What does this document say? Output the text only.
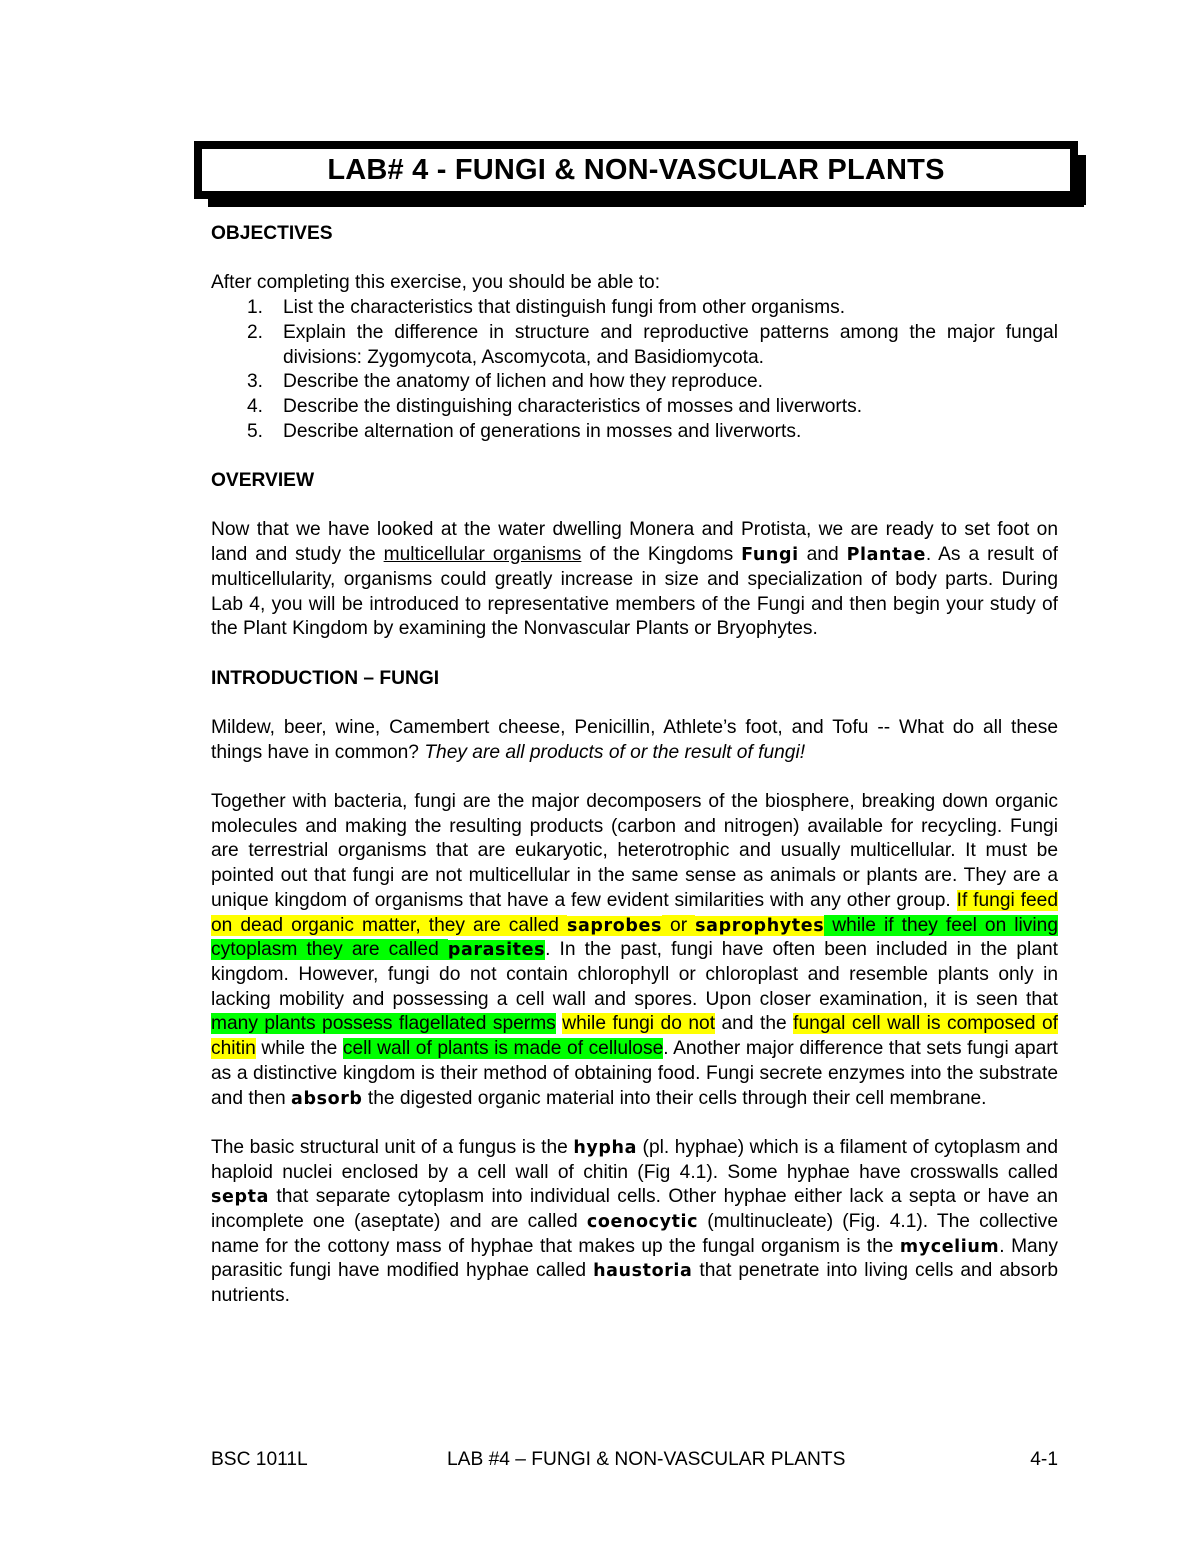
LAB# 4 - FUNGI & NON-VASCULAR PLANTS

OBJECTIVES

After completing this exercise, you should be able to:

1. List the characteristics that distinguish fungi from other organisms.
2. Explain the difference in structure and reproductive patterns among the major fungal divisions: Zygomycota, Ascomycota, and Basidiomycota.
3. Describe the anatomy of lichen and how they reproduce.
4. Describe the distinguishing characteristics of mosses and liverworts.
5. Describe alternation of generations in mosses and liverworts.

OVERVIEW

Now that we have looked at the water dwelling Monera and Protista, we are ready to set foot on land and study the multicellular organisms of the Kingdoms Fungi and Plantae. As a result of multicellularity, organisms could greatly increase in size and specialization of body parts. During Lab 4, you will be introduced to representative members of the Fungi and then begin your study of the Plant Kingdom by examining the Nonvascular Plants or Bryophytes.

INTRODUCTION – FUNGI

Mildew, beer, wine, Camembert cheese, Penicillin, Athlete’s foot, and Tofu -- What do all these things have in common? They are all products of or the result of fungi!

Together with bacteria, fungi are the major decomposers of the biosphere, breaking down organic molecules and making the resulting products (carbon and nitrogen) available for recycling. Fungi are terrestrial organisms that are eukaryotic, heterotrophic and usually multicellular. It must be pointed out that fungi are not multicellular in the same sense as animals or plants are. They are a unique kingdom of organisms that have a few evident similarities with any other group. If fungi feed on dead organic matter, they are called saprobes or saprophytes while if they feel on living cytoplasm they are called parasites. In the past, fungi have often been included in the plant kingdom. However, fungi do not contain chlorophyll or chloroplast and resemble plants only in lacking mobility and possessing a cell wall and spores. Upon closer examination, it is seen that many plants possess flagellated sperms while fungi do not and the fungal cell wall is composed of chitin while the cell wall of plants is made of cellulose. Another major difference that sets fungi apart as a distinctive kingdom is their method of obtaining food. Fungi secrete enzymes into the substrate and then absorb the digested organic material into their cells through their cell membrane.

The basic structural unit of a fungus is the hypha (pl. hyphae) which is a filament of cytoplasm and haploid nuclei enclosed by a cell wall of chitin (Fig 4.1). Some hyphae have crosswalls called septa that separate cytoplasm into individual cells. Other hyphae either lack a septa or have an incomplete one (aseptate) and are called coenocytic (multinucleate) (Fig. 4.1). The collective name for the cottony mass of hyphae that makes up the fungal organism is the mycelium. Many parasitic fungi have modified hyphae called haustoria that penetrate into living cells and absorb nutrients.

BSC 1011L	LAB #4 – FUNGI & NON-VASCULAR PLANTS	4-1
